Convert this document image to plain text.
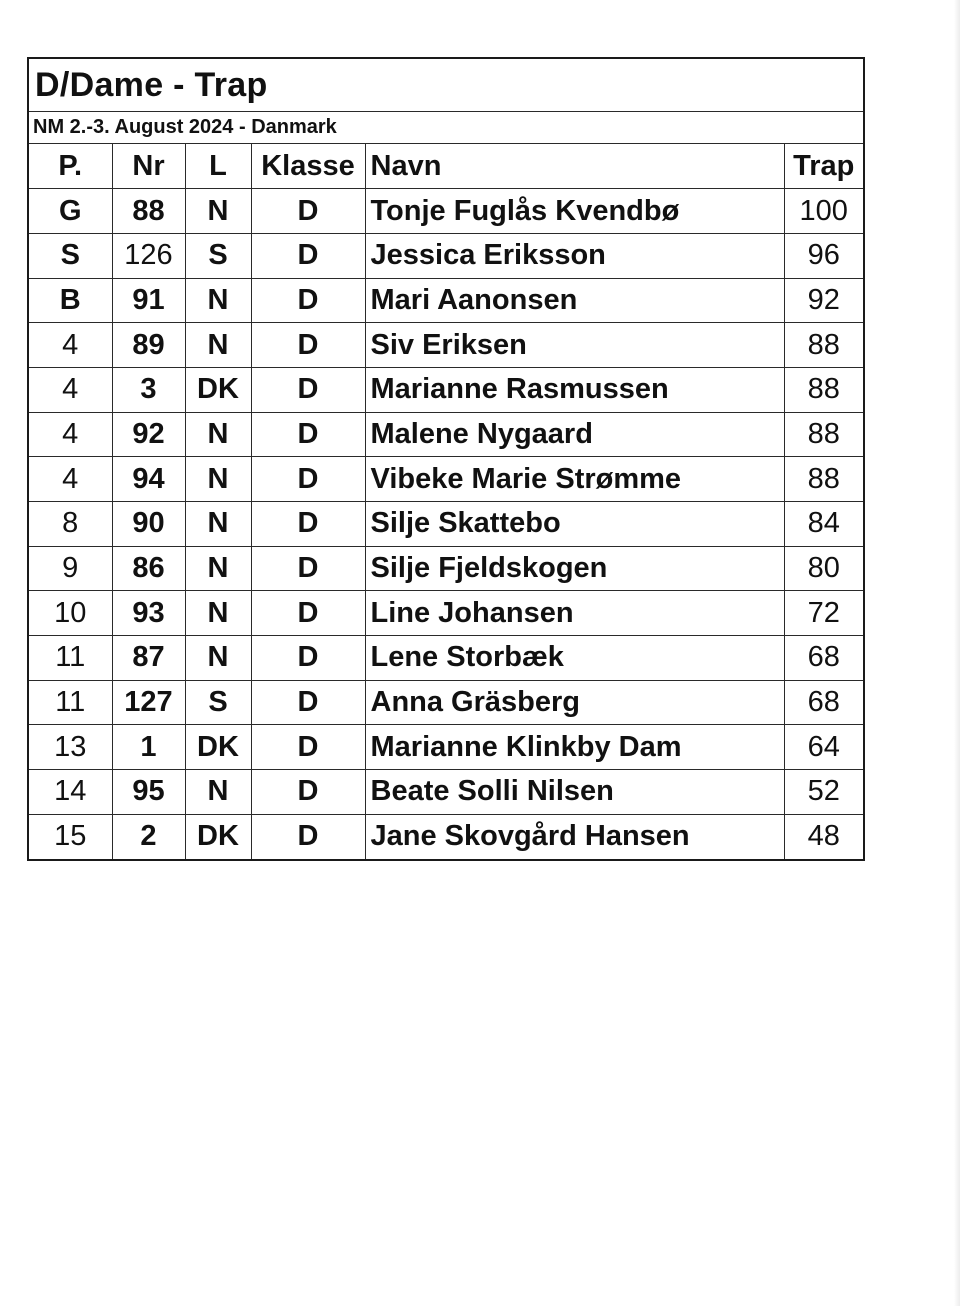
D/Dame - Trap
NM 2.-3. August 2024 - Danmark
P.	Nr	L	Klasse	Navn	Trap
G	88	N	D	Tonje Fuglås Kvendbø	100
S	126	S	D	Jessica Eriksson	96
B	91	N	D	Mari Aanonsen	92
4	89	N	D	Siv Eriksen	88
4	3	DK	D	Marianne Rasmussen	88
4	92	N	D	Malene Nygaard	88
4	94	N	D	Vibeke Marie Strømme	88
8	90	N	D	Silje Skattebo	84
9	86	N	D	Silje Fjeldskogen	80
10	93	N	D	Line Johansen	72
11	87	N	D	Lene Storbæk	68
11	127	S	D	Anna Gräsberg	68
13	1	DK	D	Marianne Klinkby Dam	64
14	95	N	D	Beate Solli Nilsen	52
15	2	DK	D	Jane Skovgård Hansen	48
